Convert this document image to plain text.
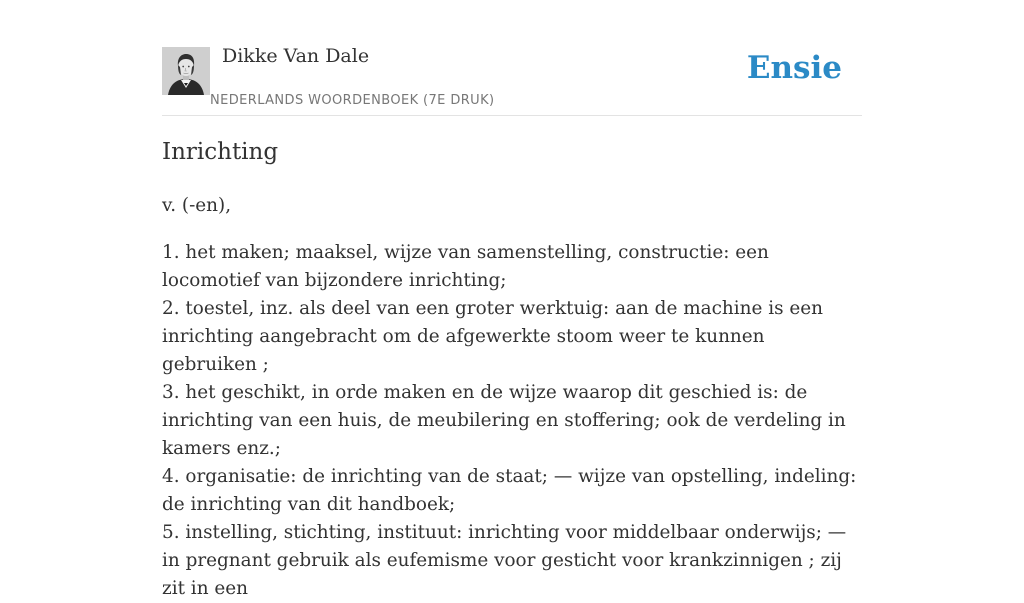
Dikke Van Dale
NEDERLANDS WOORDENBOEK (7E DRUK)
Ensie
Inrichting

v. (-en),

1. het maken; maaksel, wijze van samenstelling, constructie: een locomotief van bijzondere inrichting;
2. toestel, inz. als deel van een groter werktuig: aan de machine is een inrichting aangebracht om de afgewerkte stoom weer te kunnen gebruiken ;
3. het geschikt, in orde maken en de wijze waarop dit geschied is: de inrichting van een huis, de meubilering en stoffering; ook de verdeling in kamers enz.;
4. organisatie: de inrichting van de staat; — wijze van opstelling, indeling: de inrichting van dit handboek;
5. instelling, stichting, instituut: inrichting voor middelbaar onderwijs; — in pregnant gebruik als eufemisme voor gesticht voor krankzinnigen ; zij zit in een
